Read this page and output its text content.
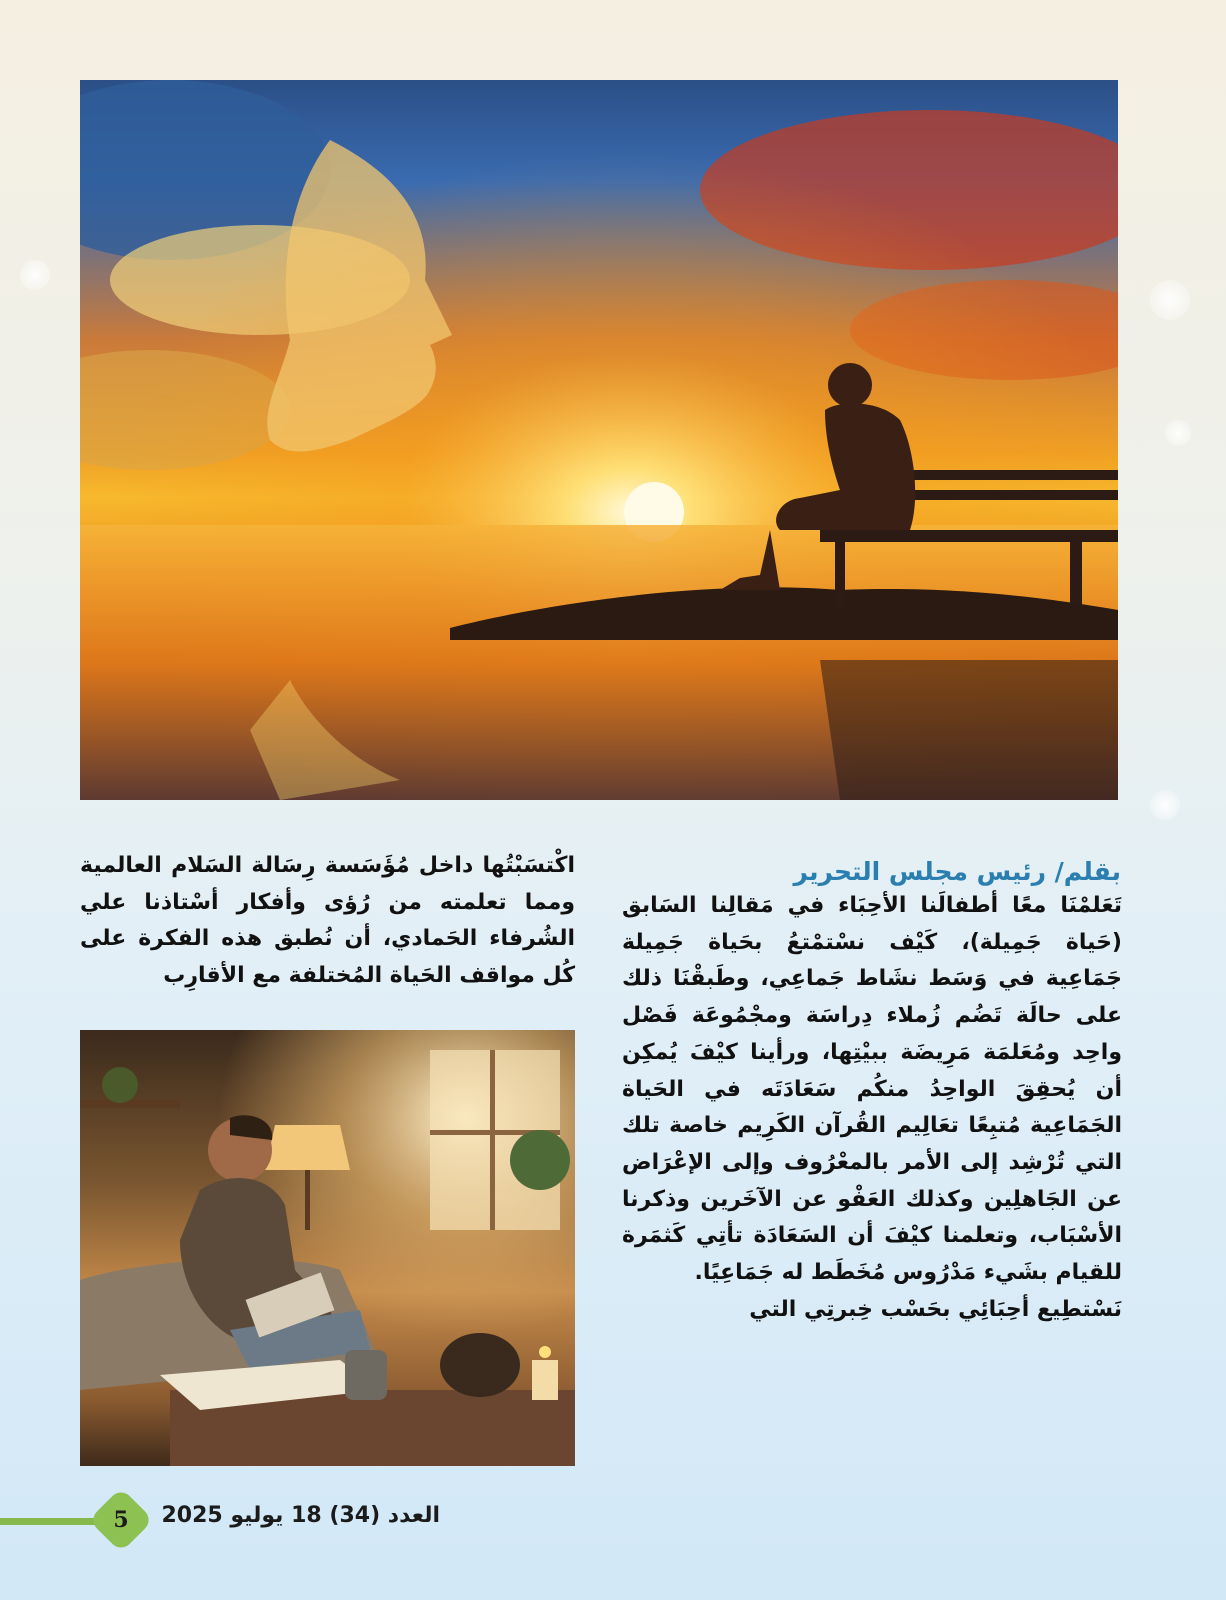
بقلم/ رئيس مجلس التحرير

تَعَلمْنَا معًا أطفالَنا الأحِبَاء في مَقالِنا السَابق (حَياة جَمِيلة)، كَيْف نسْتمْتعُ بحَياة جَمِيلة جَمَاعِية في وَسَط نشَاط جَماعِي، وطَبقْنَا ذلك على حالَة تَضُم زُملاء دِراسَة ومجْمُوعَة فَصْل واحِد ومُعَلمَة مَرِيضَة ببيْتِها، ورأينا كيْفَ يُمكِن أن يُحقِقَ الواحِدُ منكُم سَعَادَتَه في الحَياة الجَمَاعِية مُتبِعًا تعَالِيم القُرآن الكَرِيم خاصة تلك التي تُرْشِد إلى الأمر بالمعْرُوف وإلى الإعْرَاض عن الجَاهلِين وكذلك العَفْو عن الآخَرين وذكرنا الأسْبَاب، وتعلمنا كيْفَ أن السَعَادَة تأتِي كَثمَرة للقيام بشَيء مَدْرُوس مُخَطَط له جَمَاعِيًا.

نَسْتطِيع أحِبَائِي بحَسْب خِبرتِي التي

اكْتسَبْتُها داخل مُؤَسَسة رِسَالة السَلام العالمية ومما تعلمته من رُؤى وأفكار أسْتاذنا علي الشُرفاء الحَمادي، أن نُطبق هذه الفكرة على كُل مواقف الحَياة المُختلفة مع الأقارِب
5	العدد (34) 18 يوليو 2025
